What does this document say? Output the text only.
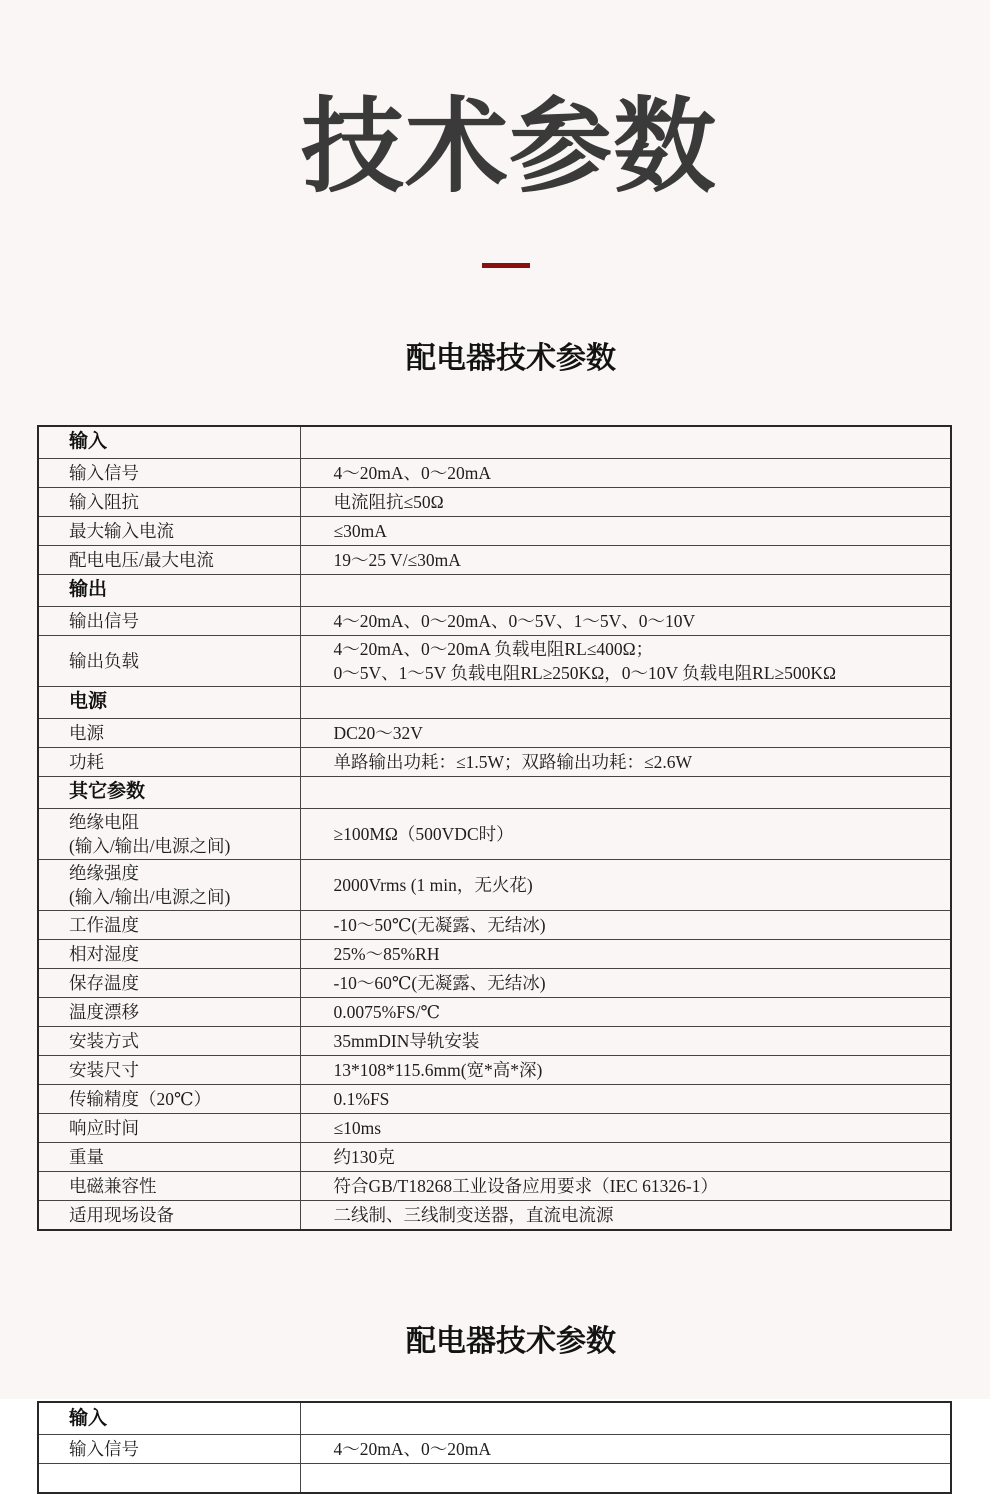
技术参数
配电器技术参数
输入	

输入信号	4～20mA、0～20mA

输入阻抗	电流阻抗≤50Ω

最大输入电流	≤30mA

配电电压/最大电流	19～25 V/≤30mA

输出	

输出信号	4～20mA、0～20mA、0～5V、1～5V、0～10V

输出负载	4～20mA、0～20mA 负载电阻RL≤400Ω；
0～5V、1～5V 负载电阻RL≥250KΩ，0～10V 负载电阻RL≥500KΩ

电源	

电源	DC20～32V

功耗	单路输出功耗：≤1.5W；双路输出功耗：≤2.6W

其它参数	

绝缘电阻
(输入/输出/电源之间)	≥100MΩ（500VDC时）

绝缘强度
(输入/输出/电源之间)	2000Vrms (1 min，无火花)

工作温度	-10～50℃(无凝露、无结冰)

相对湿度	25%～85%RH

保存温度	-10～60℃(无凝露、无结冰)

温度漂移	0.0075%FS/℃

安装方式	35mmDIN导轨安装

安装尺寸	13*108*115.6mm(宽*高*深)

传输精度（20℃）	0.1%FS

响应时间	≤10ms

重量	约130克

电磁兼容性	符合GB/T18268工业设备应用要求（IEC 61326-1）

适用现场设备	二线制、三线制变送器，直流电流源
配电器技术参数
输入	

输入信号	4～20mA、0～20mA
